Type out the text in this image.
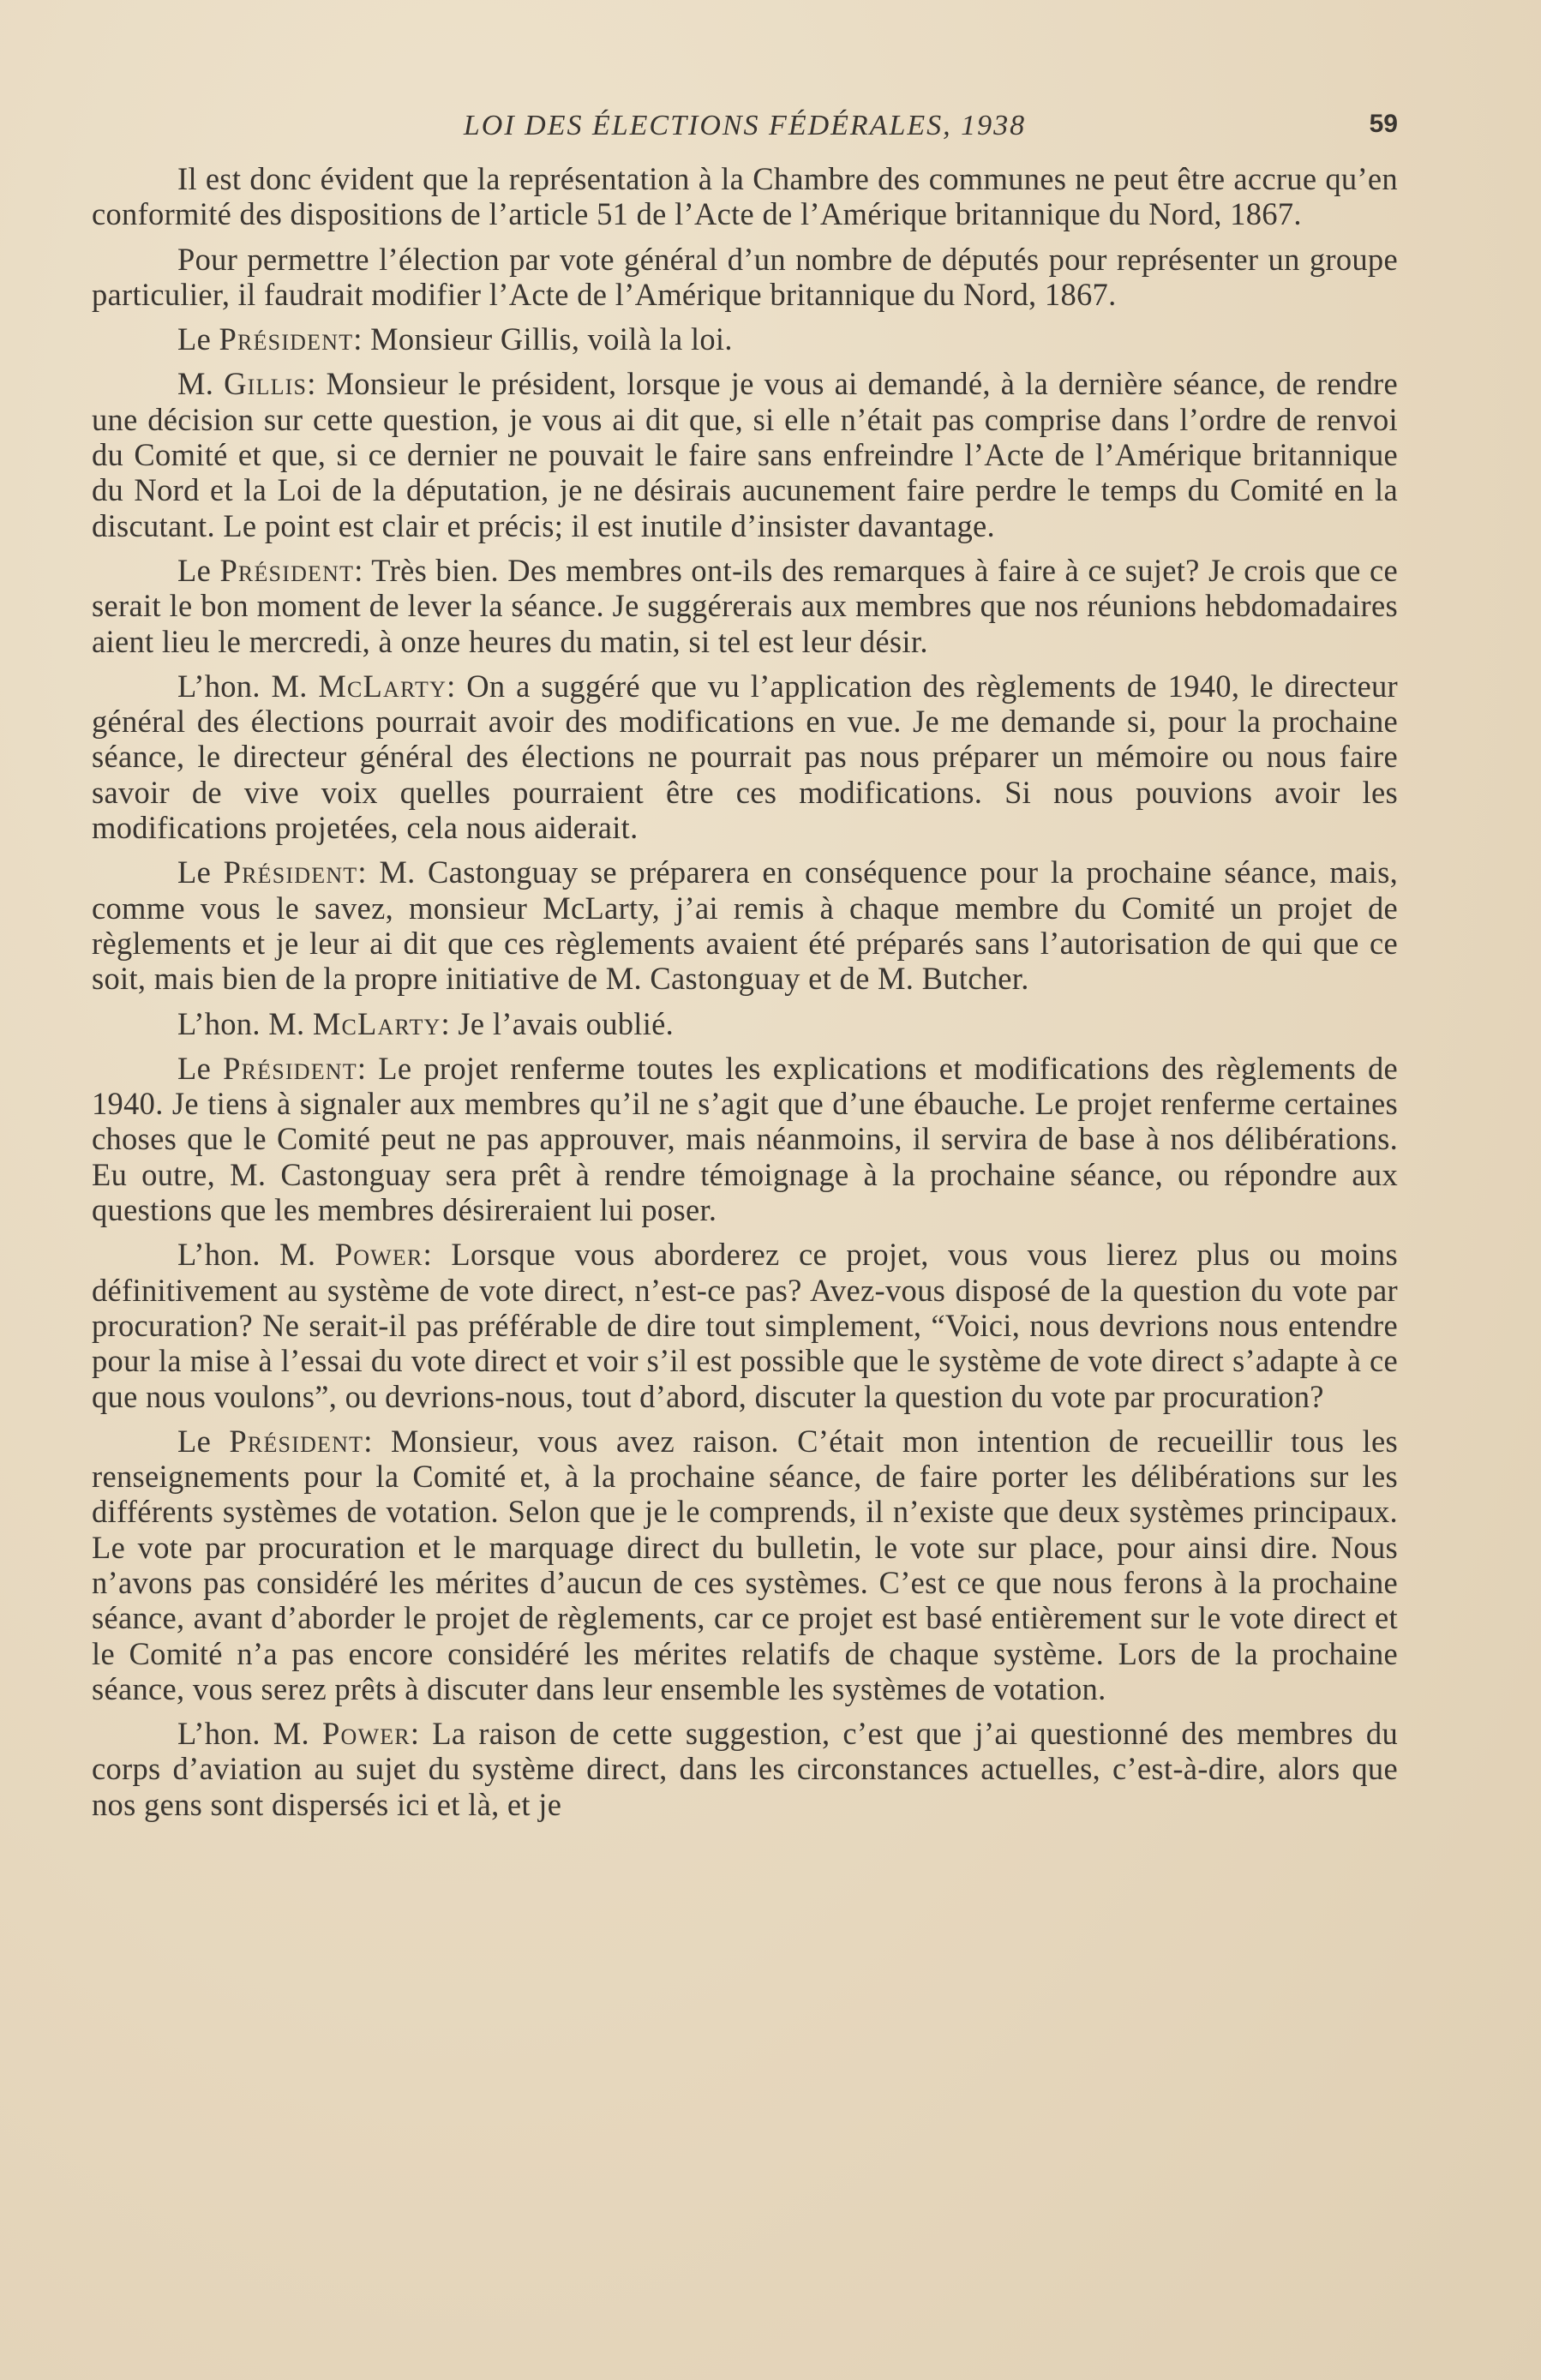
LOI DES ÉLECTIONS FÉDÉRALES, 1938	59

Il est donc évident que la représentation à la Chambre des communes ne peut être accrue qu’en conformité des dispositions de l’article 51 de l’Acte de l’Amérique britannique du Nord, 1867.

Pour permettre l’élection par vote général d’un nombre de députés pour représenter un groupe particulier, il faudrait modifier l’Acte de l’Amérique britannique du Nord, 1867.

Le Président: Monsieur Gillis, voilà la loi.

M. Gillis: Monsieur le président, lorsque je vous ai demandé, à la dernière séance, de rendre une décision sur cette question, je vous ai dit que, si elle n’était pas comprise dans l’ordre de renvoi du Comité et que, si ce dernier ne pouvait le faire sans enfreindre l’Acte de l’Amérique britannique du Nord et la Loi de la députation, je ne désirais aucunement faire perdre le temps du Comité en la discutant. Le point est clair et précis; il est inutile d’insister davantage.

Le Président: Très bien. Des membres ont-ils des remarques à faire à ce sujet? Je crois que ce serait le bon moment de lever la séance. Je suggérerais aux membres que nos réunions hebdomadaires aient lieu le mercredi, à onze heures du matin, si tel est leur désir.

L’hon. M. McLarty: On a suggéré que vu l’application des règlements de 1940, le directeur général des élections pourrait avoir des modifications en vue. Je me demande si, pour la prochaine séance, le directeur général des élections ne pourrait pas nous préparer un mémoire ou nous faire savoir de vive voix quelles pourraient être ces modifications. Si nous pouvions avoir les modifications projetées, cela nous aiderait.

Le Président: M. Castonguay se préparera en conséquence pour la prochaine séance, mais, comme vous le savez, monsieur McLarty, j’ai remis à chaque membre du Comité un projet de règlements et je leur ai dit que ces règlements avaient été préparés sans l’autorisation de qui que ce soit, mais bien de la propre initiative de M. Castonguay et de M. Butcher.

L’hon. M. McLarty: Je l’avais oublié.

Le Président: Le projet renferme toutes les explications et modifications des règlements de 1940. Je tiens à signaler aux membres qu’il ne s’agit que d’une ébauche. Le projet renferme certaines choses que le Comité peut ne pas approuver, mais néanmoins, il servira de base à nos délibérations. Eu outre, M. Castonguay sera prêt à rendre témoignage à la prochaine séance, ou répondre aux questions que les membres désireraient lui poser.

L’hon. M. Power: Lorsque vous aborderez ce projet, vous vous lierez plus ou moins définitivement au système de vote direct, n’est-ce pas? Avez-vous disposé de la question du vote par procuration? Ne serait-il pas préférable de dire tout simplement, “Voici, nous devrions nous entendre pour la mise à l’essai du vote direct et voir s’il est possible que le système de vote direct s’adapte à ce que nous voulons”, ou devrions-nous, tout d’abord, discuter la question du vote par procuration?

Le Président: Monsieur, vous avez raison. C’était mon intention de recueillir tous les renseignements pour la Comité et, à la prochaine séance, de faire porter les délibérations sur les différents systèmes de votation. Selon que je le comprends, il n’existe que deux systèmes principaux. Le vote par procuration et le marquage direct du bulletin, le vote sur place, pour ainsi dire. Nous n’avons pas considéré les mérites d’aucun de ces systèmes. C’est ce que nous ferons à la prochaine séance, avant d’aborder le projet de règlements, car ce projet est basé entièrement sur le vote direct et le Comité n’a pas encore considéré les mérites relatifs de chaque système. Lors de la prochaine séance, vous serez prêts à discuter dans leur ensemble les systèmes de votation.

L’hon. M. Power: La raison de cette suggestion, c’est que j’ai questionné des membres du corps d’aviation au sujet du système direct, dans les circonstances actuelles, c’est-à-dire, alors que nos gens sont dispersés ici et là, et je
